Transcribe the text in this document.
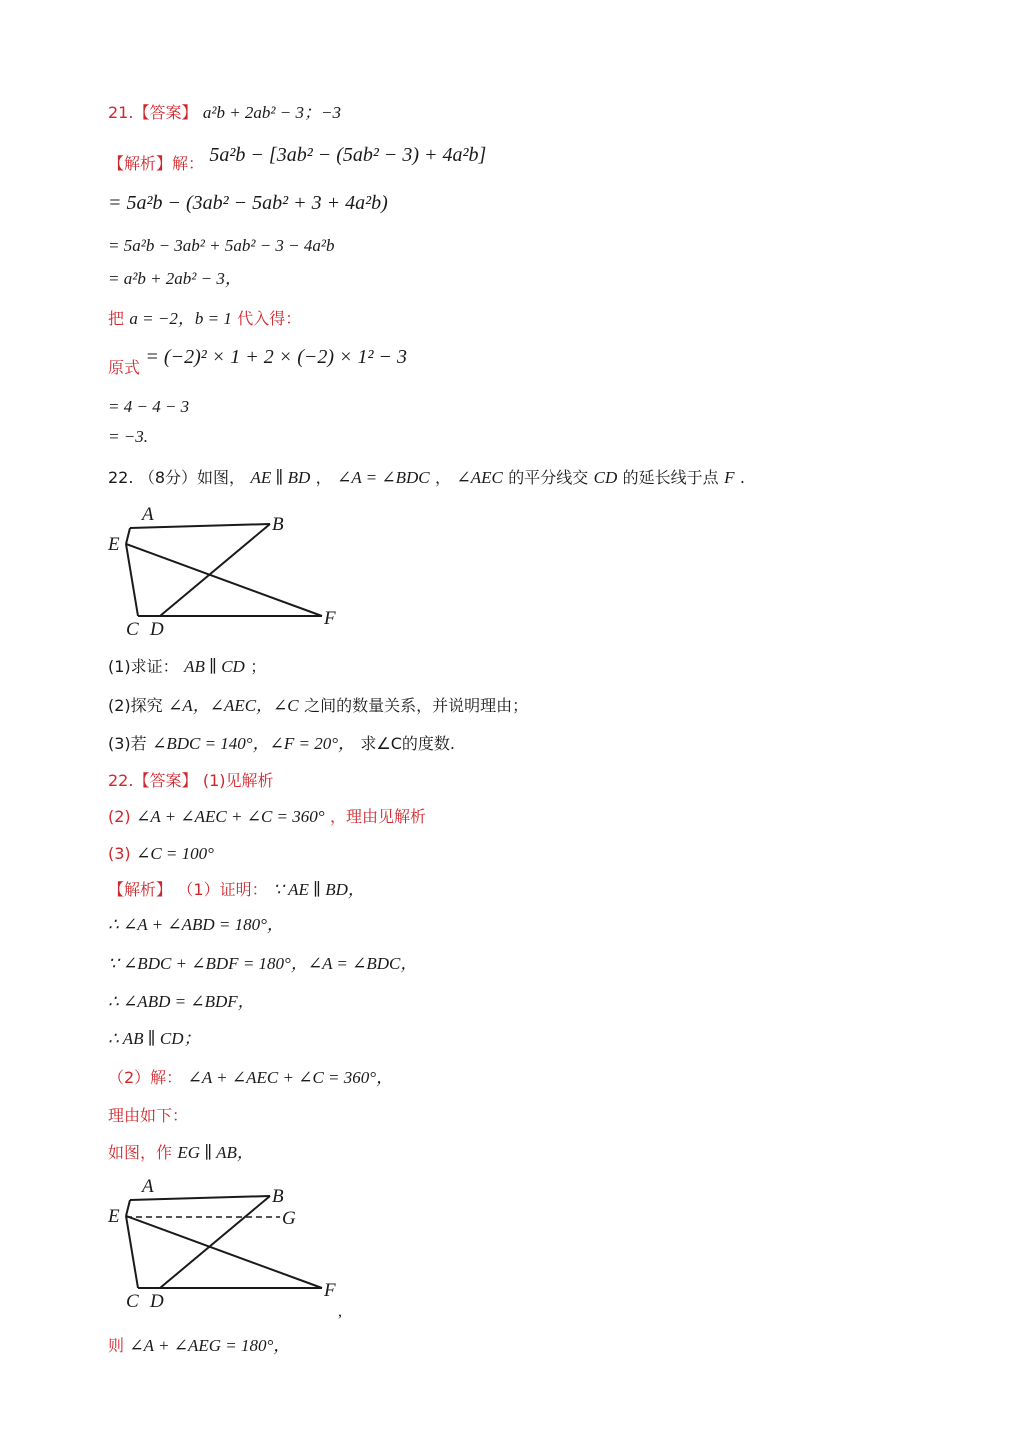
21.【答案】 a²b + 2ab² − 3；−3
【解析】解： 5a²b − [3ab² − (5ab² − 3) + 4a²b]
= 5a²b − (3ab² − 5ab² + 3 + 4a²b)
= 5a²b − 3ab² + 5ab² − 3 − 4a²b
= a²b + 2ab² − 3，
把 a = −2，b = 1 代入得：
原式 = (−2)² × 1 + 2 × (−2) × 1² − 3
= 4 − 4 − 3
= −3.
22. （8分）如图， AE ∥ BD ， ∠A = ∠BDC ， ∠AEC 的平分线交 CD 的延长线于点 F .
A	B
E
C D
F
(1)求证： AB ∥ CD ；
(2)探究 ∠A，∠AEC，∠C 之间的数量关系，并说明理由；
(3)若 ∠BDC = 140°，∠F = 20°， 求∠C的度数.
22.【答案】 (1)见解析
(2) ∠A + ∠AEC + ∠C = 360° ，理由见解析
(3) ∠C = 100°
【解析】 （1）证明： ∵ AE ∥ BD，
∴ ∠A + ∠ABD = 180°，
∵ ∠BDC + ∠BDF = 180°，∠A = ∠BDC，
∴ ∠ABD = ∠BDF，
∴ AB ∥ CD；
（2）解： ∠A + ∠AEC + ∠C = 360°，
理由如下：
如图，作 EG ∥ AB，
A	B
E	G
C D
F
,
则 ∠A + ∠AEG = 180°，
